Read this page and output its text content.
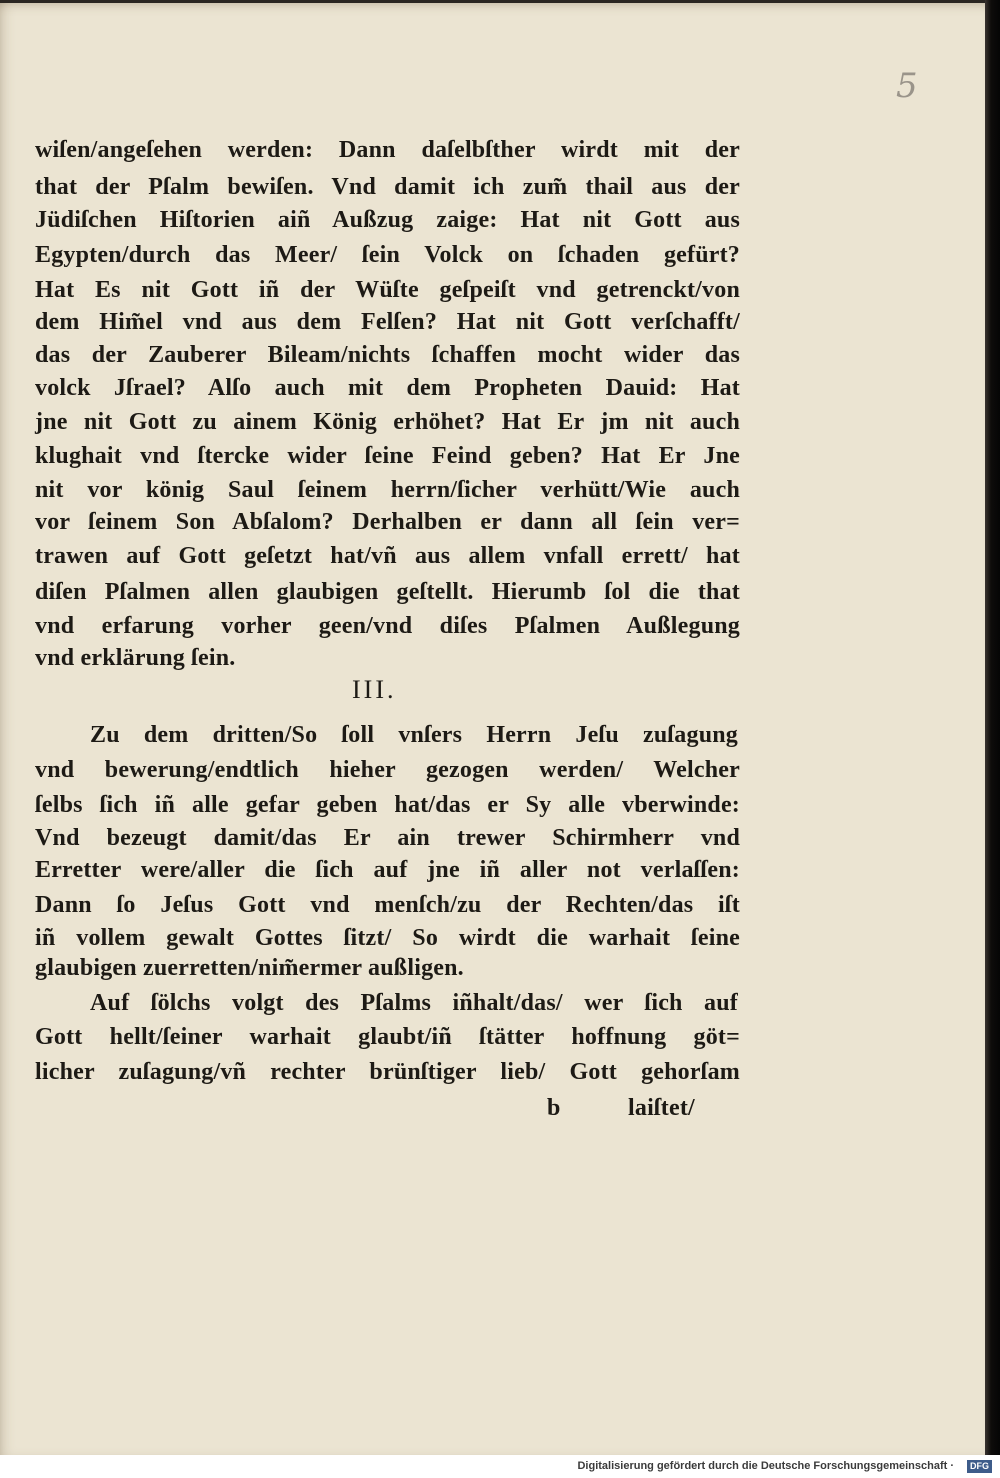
5
wiſen/angeſehen werden: Dann daſelbſther wirdt mit der
that der Pſalm bewiſen. Vnd damit ich zum̃ thail aus der
Jüdiſchen Hiſtorien aiñ Außzug zaige: Hat nit Gott aus
Egypten/durch das Meer/ ſein Volck on ſchaden gefürt?
Hat Es nit Gott iñ der Wüſte geſpeiſt vnd getrenckt/von
dem Him̃el vnd aus dem Felſen? Hat nit Gott verſchafft/
das der Zauberer Bileam/nichts ſchaffen mocht wider das
volck Jſrael? Alſo auch mit dem Propheten Dauid: Hat
jne nit Gott zu ainem König erhöhet? Hat Er jm nit auch
klughait vnd ſtercke wider ſeine Feind geben? Hat Er Jne
nit vor könig Saul ſeinem herrn/ſicher verhütt/Wie auch
vor ſeinem Son Abſalom? Derhalben er dann all ſein ver=
trawen auf Gott geſetzt hat/vñ aus allem vnfall errett/ hat
diſen Pſalmen allen glaubigen geſtellt. Hierumb ſol die that
vnd erfarung vorher geen/vnd diſes Pſalmen Außlegung
vnd erklärung ſein.
III.
Zu dem dritten/So ſoll vnſers Herrn Jeſu zuſagung
vnd bewerung/endtlich hieher gezogen werden/ Welcher
ſelbs ſich iñ alle gefar geben hat/das er Sy alle vberwinde:
Vnd bezeugt damit/das Er ain trewer Schirmherr vnd
Erretter were/aller die ſich auf jne iñ aller not verlaſſen:
Dann ſo Jeſus Gott vnd menſch/zu der Rechten/das iſt
iñ vollem gewalt Gottes ſitzt/ So wirdt die warhait ſeine
glaubigen zuerretten/nim̃ermer außligen.
Auf ſölchs volgt des Pſalms iñhalt/das/ wer ſich auf
Gott hellt/ſeiner warhait glaubt/iñ ſtätter hoffnung göt=
licher zuſagung/vñ rechter brünſtiger lieb/ Gott gehorſam
b	laiſtet/
Digitalisierung gefördert durch die Deutsche Forschungsgemeinschaft ·	DFG
